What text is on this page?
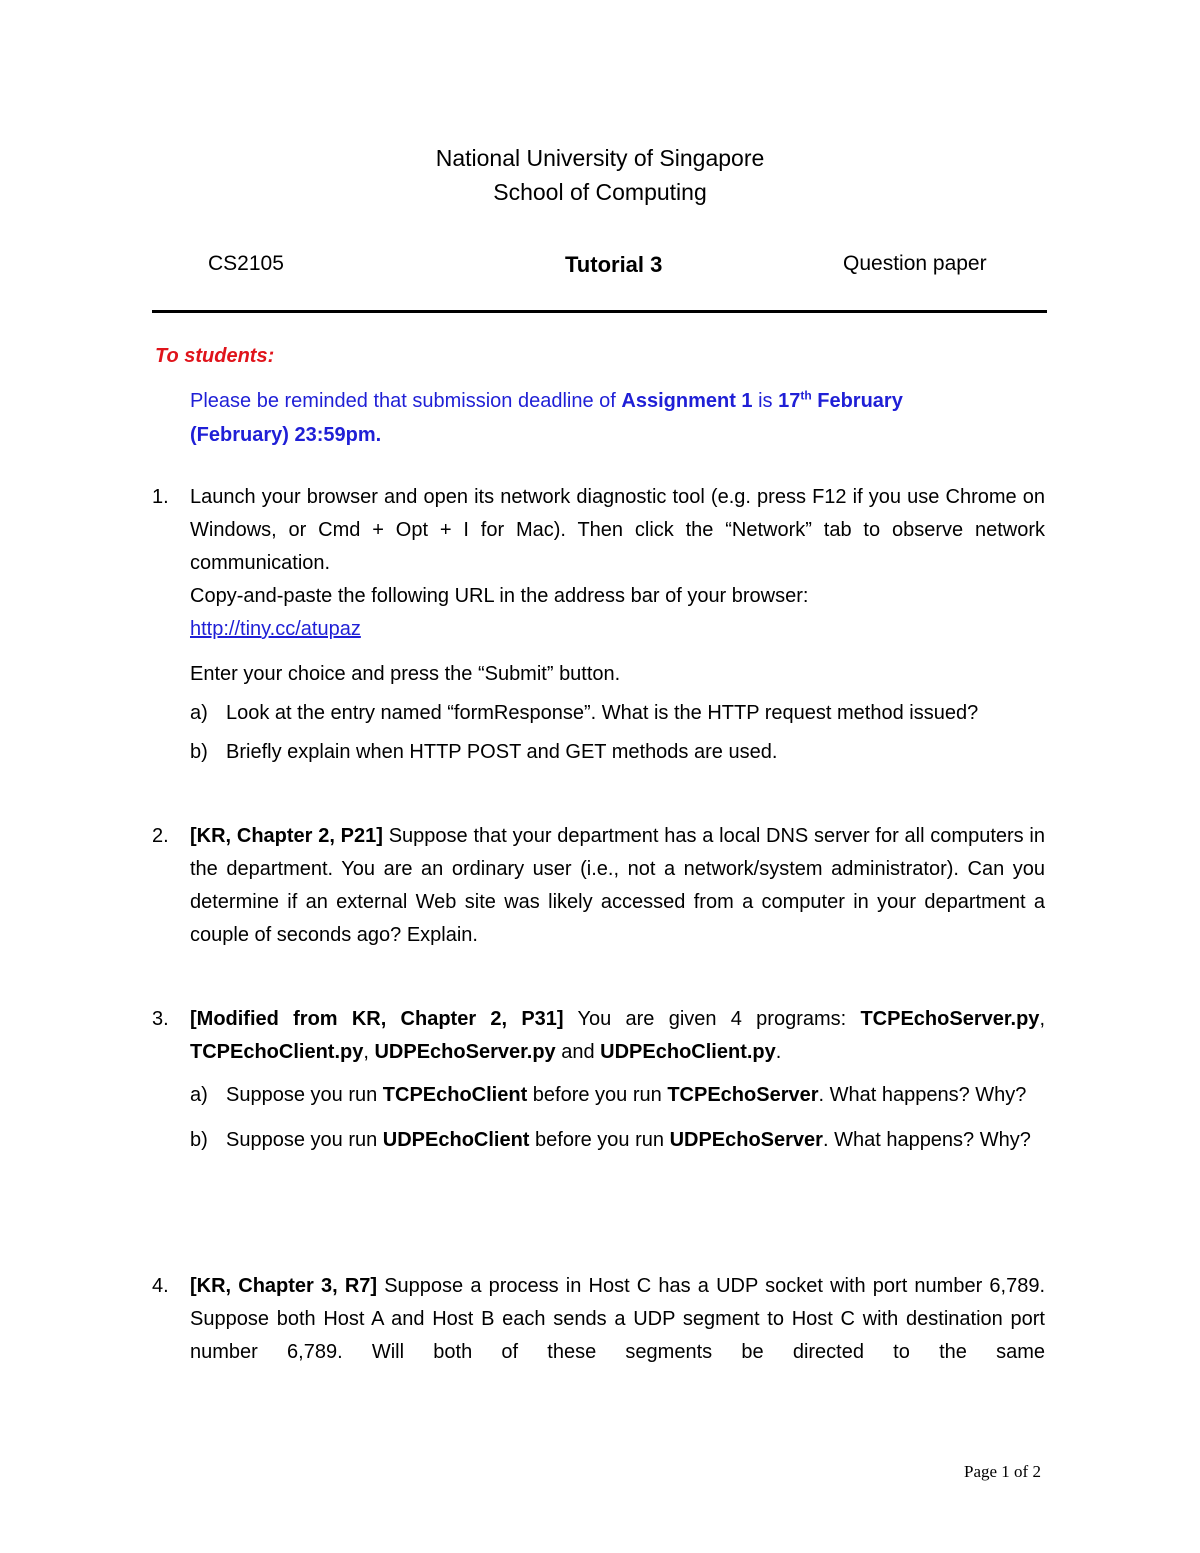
National University of Singapore
School of Computing
CS2105	Tutorial 3	Question paper
To students:
Please be reminded that submission deadline of Assignment 1 is 17th February
(February) 23:59pm.
1.	Launch your browser and open its network diagnostic tool (e.g. press F12 if you use Chrome on Windows, or Cmd + Opt + I for Mac). Then click the “Network” tab to observe network communication.
Copy-and-paste the following URL in the address bar of your browser:
http://tiny.cc/atupaz
Enter your choice and press the “Submit” button.
a) Look at the entry named “formResponse”. What is the HTTP request method issued?
b) Briefly explain when HTTP POST and GET methods are used.
2.	[KR, Chapter 2, P21] Suppose that your department has a local DNS server for all computers in the department. You are an ordinary user (i.e., not a network/system administrator). Can you determine if an external Web site was likely accessed from a computer in your department a couple of seconds ago? Explain.
3.	[Modified from KR, Chapter 2, P31] You are given 4 programs: TCPEchoServer.py, TCPEchoClient.py, UDPEchoServer.py and UDPEchoClient.py.
a) Suppose you run TCPEchoClient before you run TCPEchoServer. What happens? Why?
b) Suppose you run UDPEchoClient before you run UDPEchoServer. What happens? Why?
4.	[KR, Chapter 3, R7] Suppose a process in Host C has a UDP socket with port number 6,789. Suppose both Host A and Host B each sends a UDP segment to Host C with destination port number 6,789. Will both of these segments be directed to the same
Page 1 of 2
